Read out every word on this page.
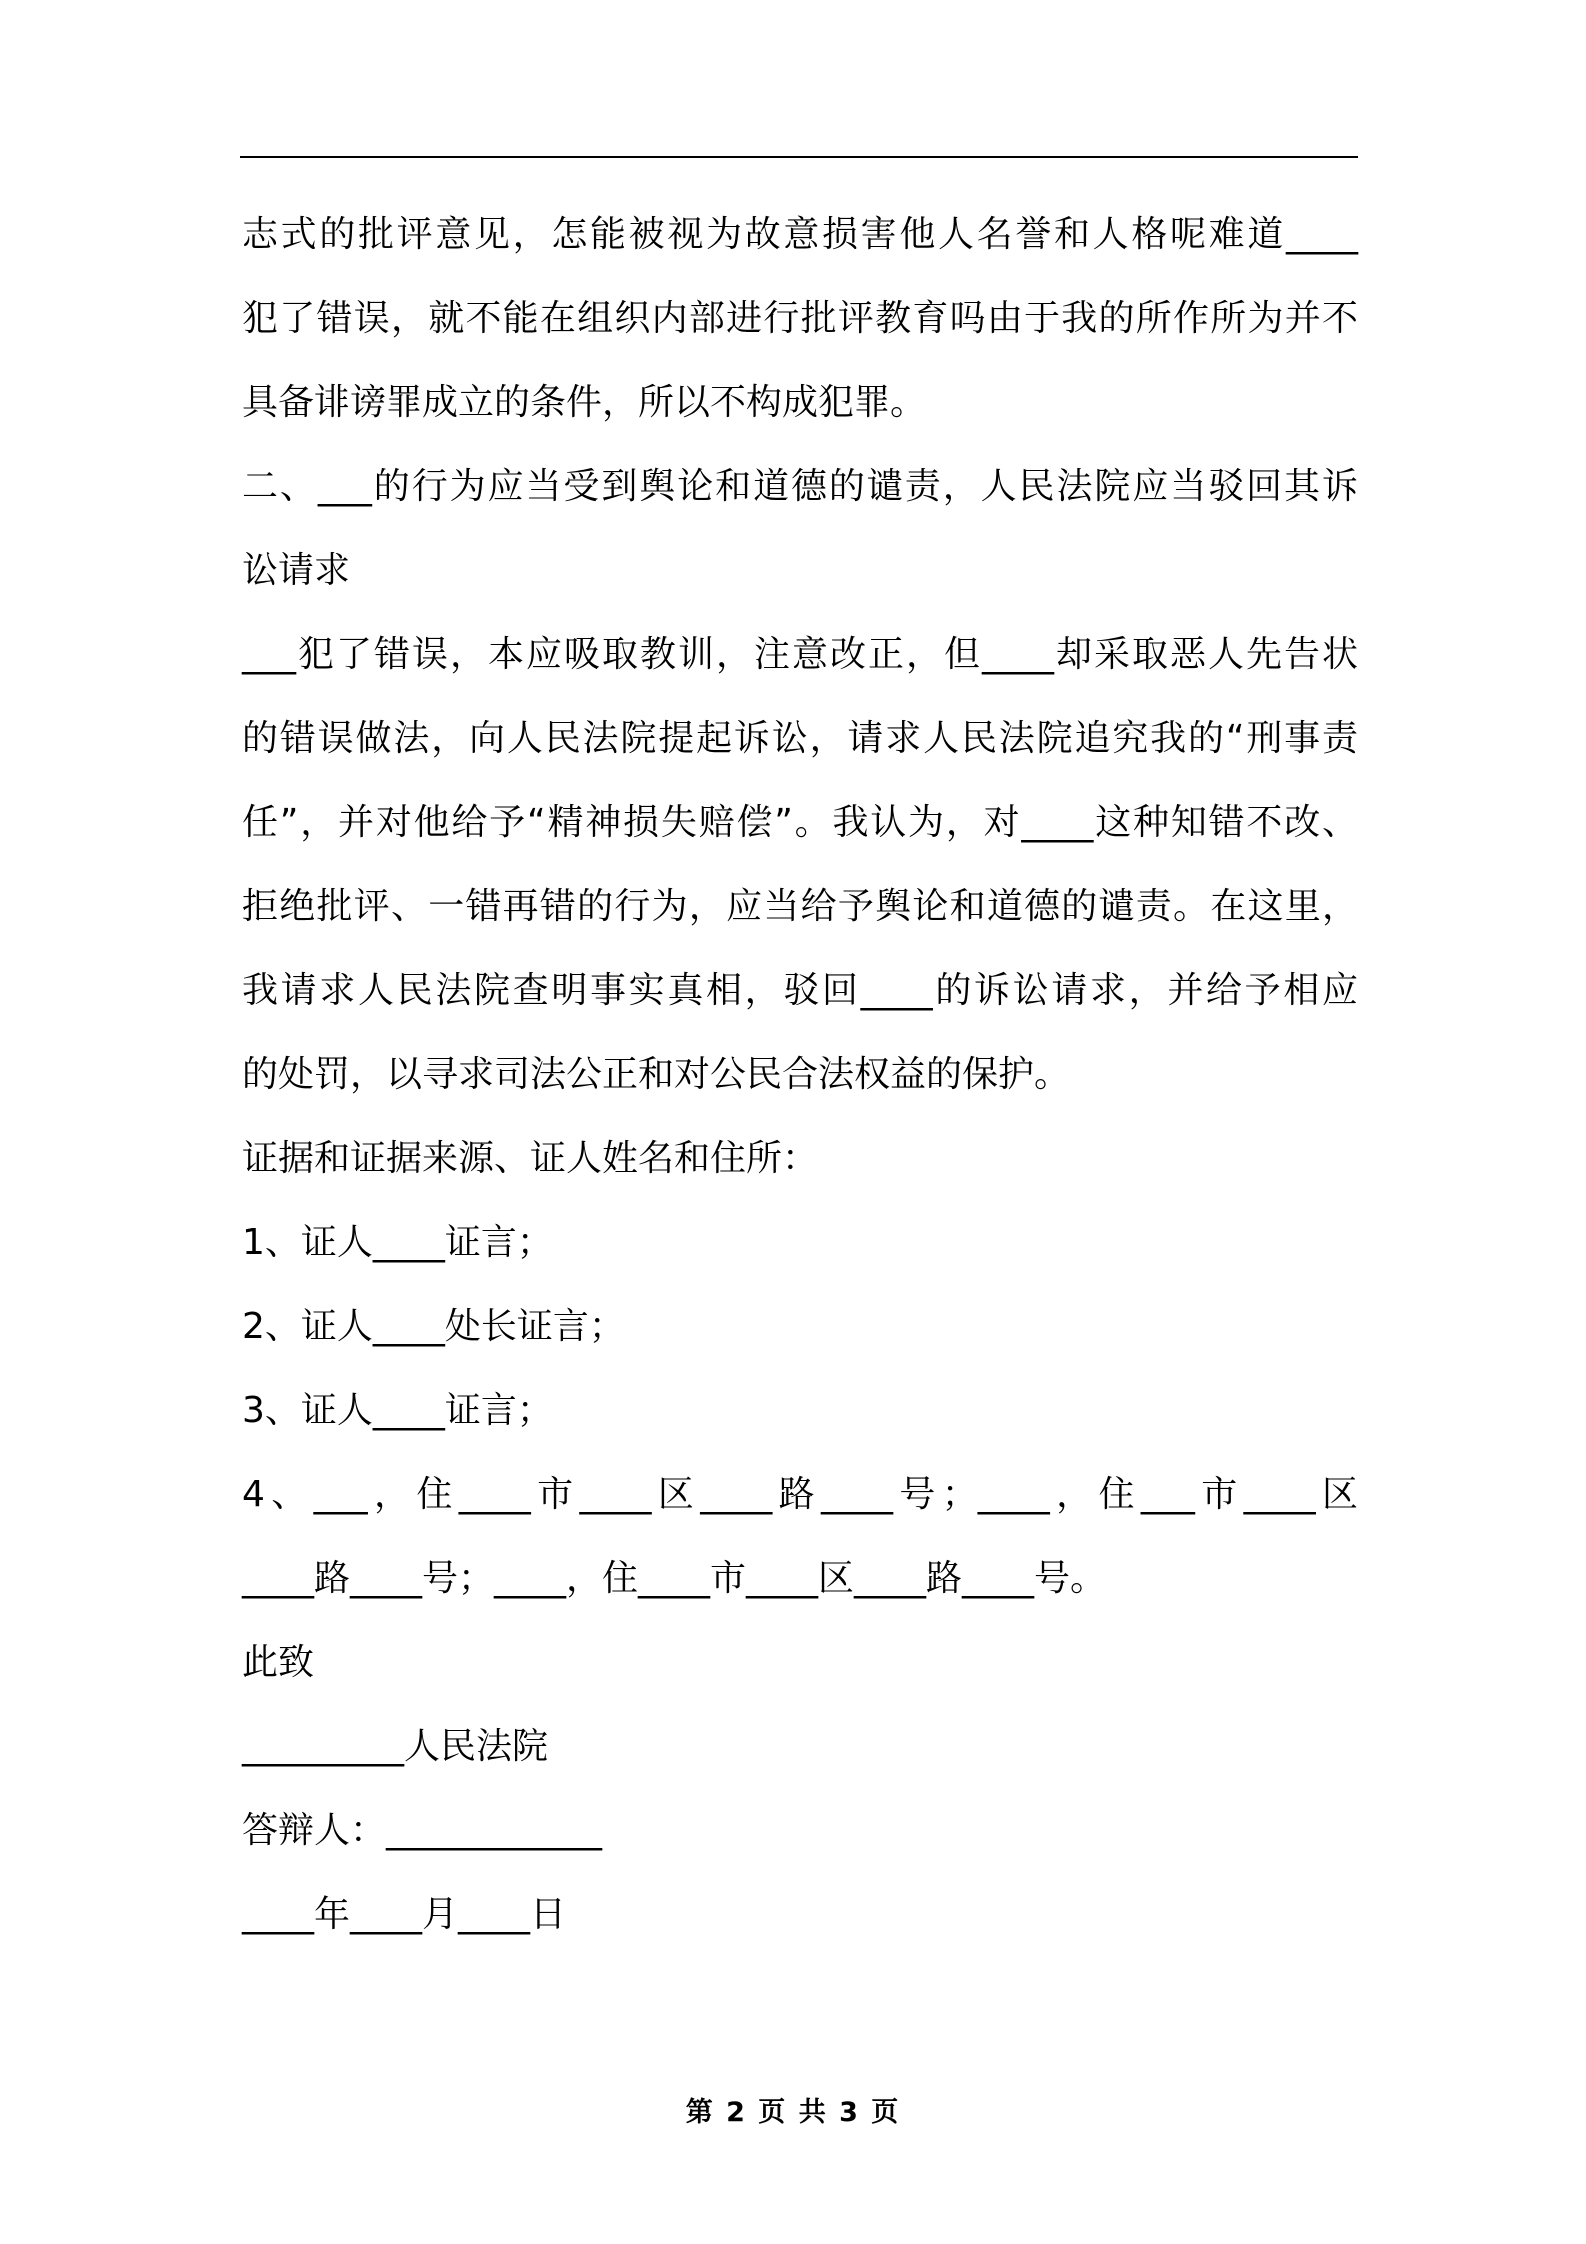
志式的批评意见，怎能被视为故意损害他人名誉和人格呢难道____
犯了错误，就不能在组织内部进行批评教育吗由于我的所作所为并不
具备诽谤罪成立的条件，所以不构成犯罪。
二、___的行为应当受到舆论和道德的谴责，人民法院应当驳回其诉
讼请求
___犯了错误，本应吸取教训，注意改正，但____却采取恶人先告状
的错误做法，向人民法院提起诉讼，请求人民法院追究我的“刑事责
任”，并对他给予“精神损失赔偿”。我认为，对____这种知错不改、
拒绝批评、一错再错的行为，应当给予舆论和道德的谴责。在这里，
我请求人民法院查明事实真相，驳回____的诉讼请求，并给予相应
的处罚，以寻求司法公正和对公民合法权益的保护。
证据和证据来源、证人姓名和住所：
1、证人____证言；
2、证人____处长证言；
3、证人____证言；
4、___，住____市____区____路____号；____，住___市____区
____路____号；____，住____市____区____路____号。
此致
_________人民法院
答辩人：____________
____年____月____日
第 2 页 共 3 页
